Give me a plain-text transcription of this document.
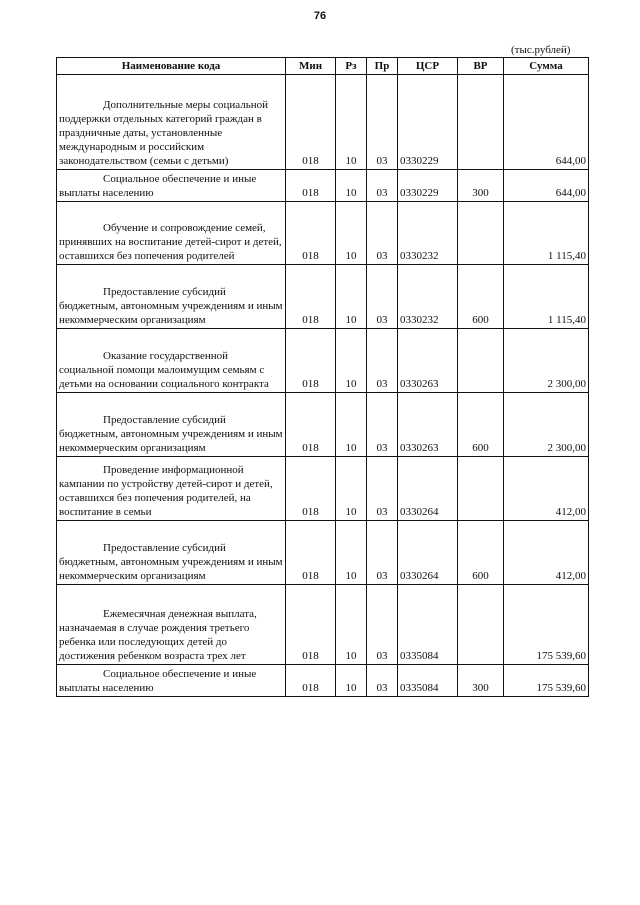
76
(тыс.рублей)
Наименование кода	Мин	Рз	Пр	ЦСР	ВР	Сумма
Дополнительные меры социальной поддержки отдельных категорий граждан в праздничные даты, установленные международным и российским законодательством (семьи с детьми)	018	10	03	0330229		644,00
Социальное обеспечение и иные выплаты населению	018	10	03	0330229	300	644,00
Обучение и сопровождение семей, принявших на воспитание детей-сирот и детей, оставшихся без попечения родителей	018	10	03	0330232		1 115,40
Предоставление субсидий бюджетным, автономным учреждениям и иным некоммерческим организациям	018	10	03	0330232	600	1 115,40
Оказание государственной социальной помощи малоимущим семьям с детьми на основании социального контракта	018	10	03	0330263		2 300,00
Предоставление субсидий бюджетным, автономным учреждениям и иным некоммерческим организациям	018	10	03	0330263	600	2 300,00
Проведение информационной кампании по устройству детей-сирот и детей, оставшихся без попечения родителей, на воспитание в семьи	018	10	03	0330264		412,00
Предоставление субсидий бюджетным, автономным учреждениям и иным некоммерческим организациям	018	10	03	0330264	600	412,00
Ежемесячная денежная выплата, назначаемая в случае рождения третьего ребенка или последующих детей до достижения ребенком возраста трех лет	018	10	03	0335084		175 539,60
Социальное обеспечение и иные выплаты населению	018	10	03	0335084	300	175 539,60
